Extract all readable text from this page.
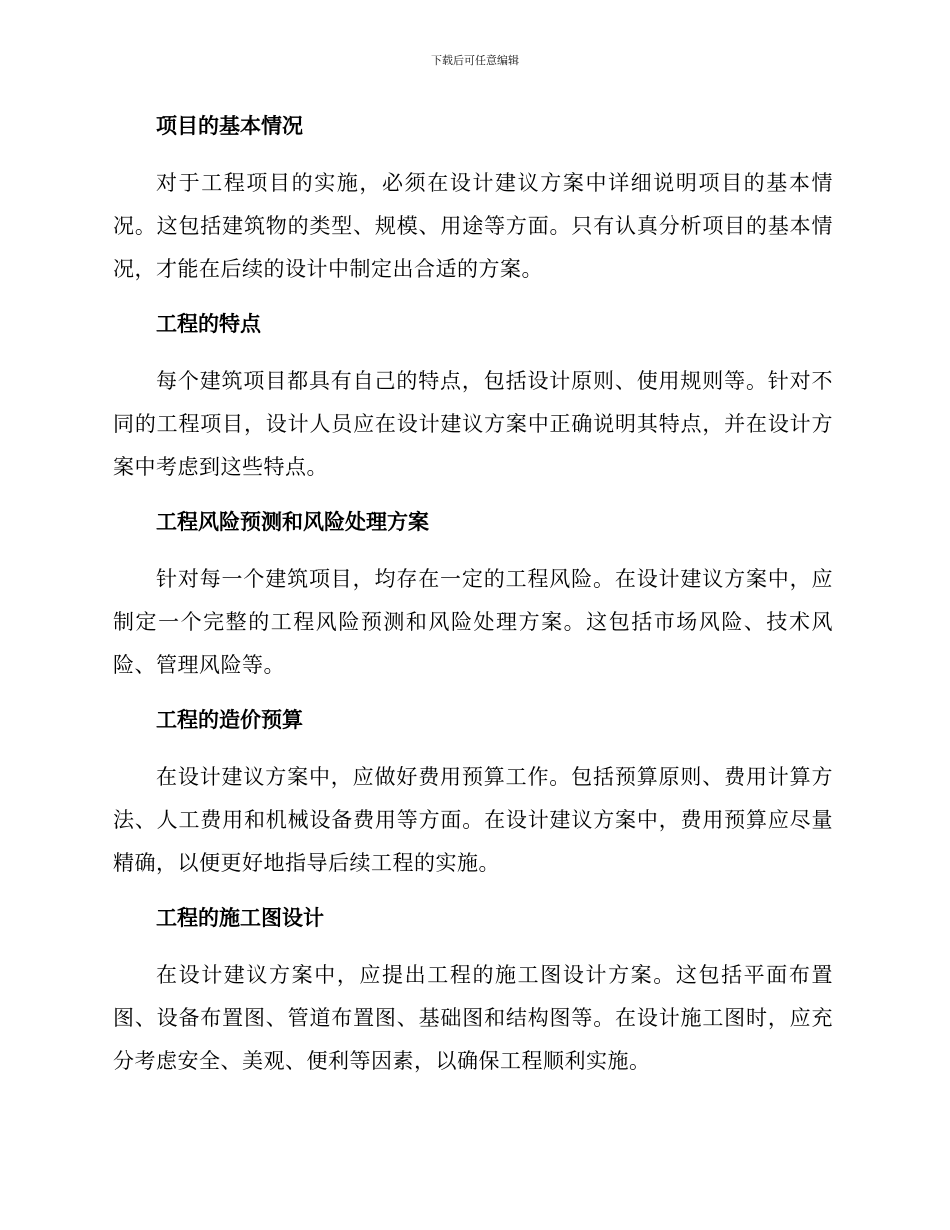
下载后可任意编辑
项目的基本情况

对于工程项目的实施，必须在设计建议方案中详细说明项目的基本情况。这包括建筑物的类型、规模、用途等方面。只有认真分析项目的基本情况，才能在后续的设计中制定出合适的方案。

工程的特点

每个建筑项目都具有自己的特点，包括设计原则、使用规则等。针对不同的工程项目，设计人员应在设计建议方案中正确说明其特点，并在设计方案中考虑到这些特点。

工程风险预测和风险处理方案

针对每一个建筑项目，均存在一定的工程风险。在设计建议方案中，应制定一个完整的工程风险预测和风险处理方案。这包括市场风险、技术风险、管理风险等。

工程的造价预算

在设计建议方案中，应做好费用预算工作。包括预算原则、费用计算方法、人工费用和机械设备费用等方面。在设计建议方案中，费用预算应尽量精确，以便更好地指导后续工程的实施。

工程的施工图设计

在设计建议方案中，应提出工程的施工图设计方案。这包括平面布置图、设备布置图、管道布置图、基础图和结构图等。在设计施工图时，应充分考虑安全、美观、便利等因素，以确保工程顺利实施。
